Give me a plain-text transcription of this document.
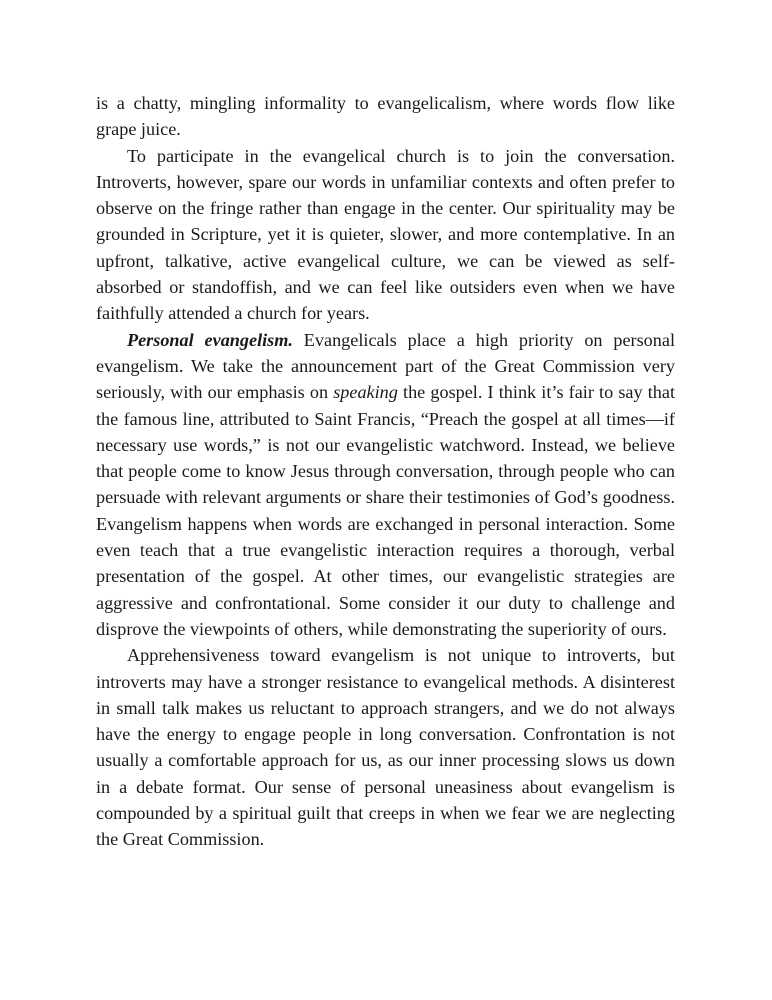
is a chatty, mingling informality to evangelicalism, where words flow like grape juice.

To participate in the evangelical church is to join the conversation. Introverts, however, spare our words in unfamiliar contexts and often prefer to observe on the fringe rather than engage in the center. Our spirituality may be grounded in Scripture, yet it is quieter, slower, and more contemplative. In an upfront, talkative, active evangelical culture, we can be viewed as self-absorbed or standoffish, and we can feel like outsiders even when we have faithfully attended a church for years.

Personal evangelism. Evangelicals place a high priority on personal evangelism. We take the announcement part of the Great Commission very seriously, with our emphasis on speaking the gospel. I think it’s fair to say that the famous line, attributed to Saint Francis, “Preach the gospel at all times—if necessary use words,” is not our evangelistic watchword. Instead, we believe that people come to know Jesus through conversation, through people who can persuade with relevant arguments or share their testimonies of God’s goodness. Evangelism happens when words are exchanged in personal interaction. Some even teach that a true evangelistic interaction requires a thorough, verbal presentation of the gospel. At other times, our evangelistic strategies are aggressive and confrontational. Some consider it our duty to challenge and disprove the viewpoints of others, while demonstrating the superiority of ours.

Apprehensiveness toward evangelism is not unique to introverts, but introverts may have a stronger resistance to evangelical methods. A disinterest in small talk makes us reluctant to approach strangers, and we do not always have the energy to engage people in long conversation. Confrontation is not usually a comfortable approach for us, as our inner processing slows us down in a debate format. Our sense of personal uneasiness about evangelism is compounded by a spiritual guilt that creeps in when we fear we are neglecting the Great Commission.
